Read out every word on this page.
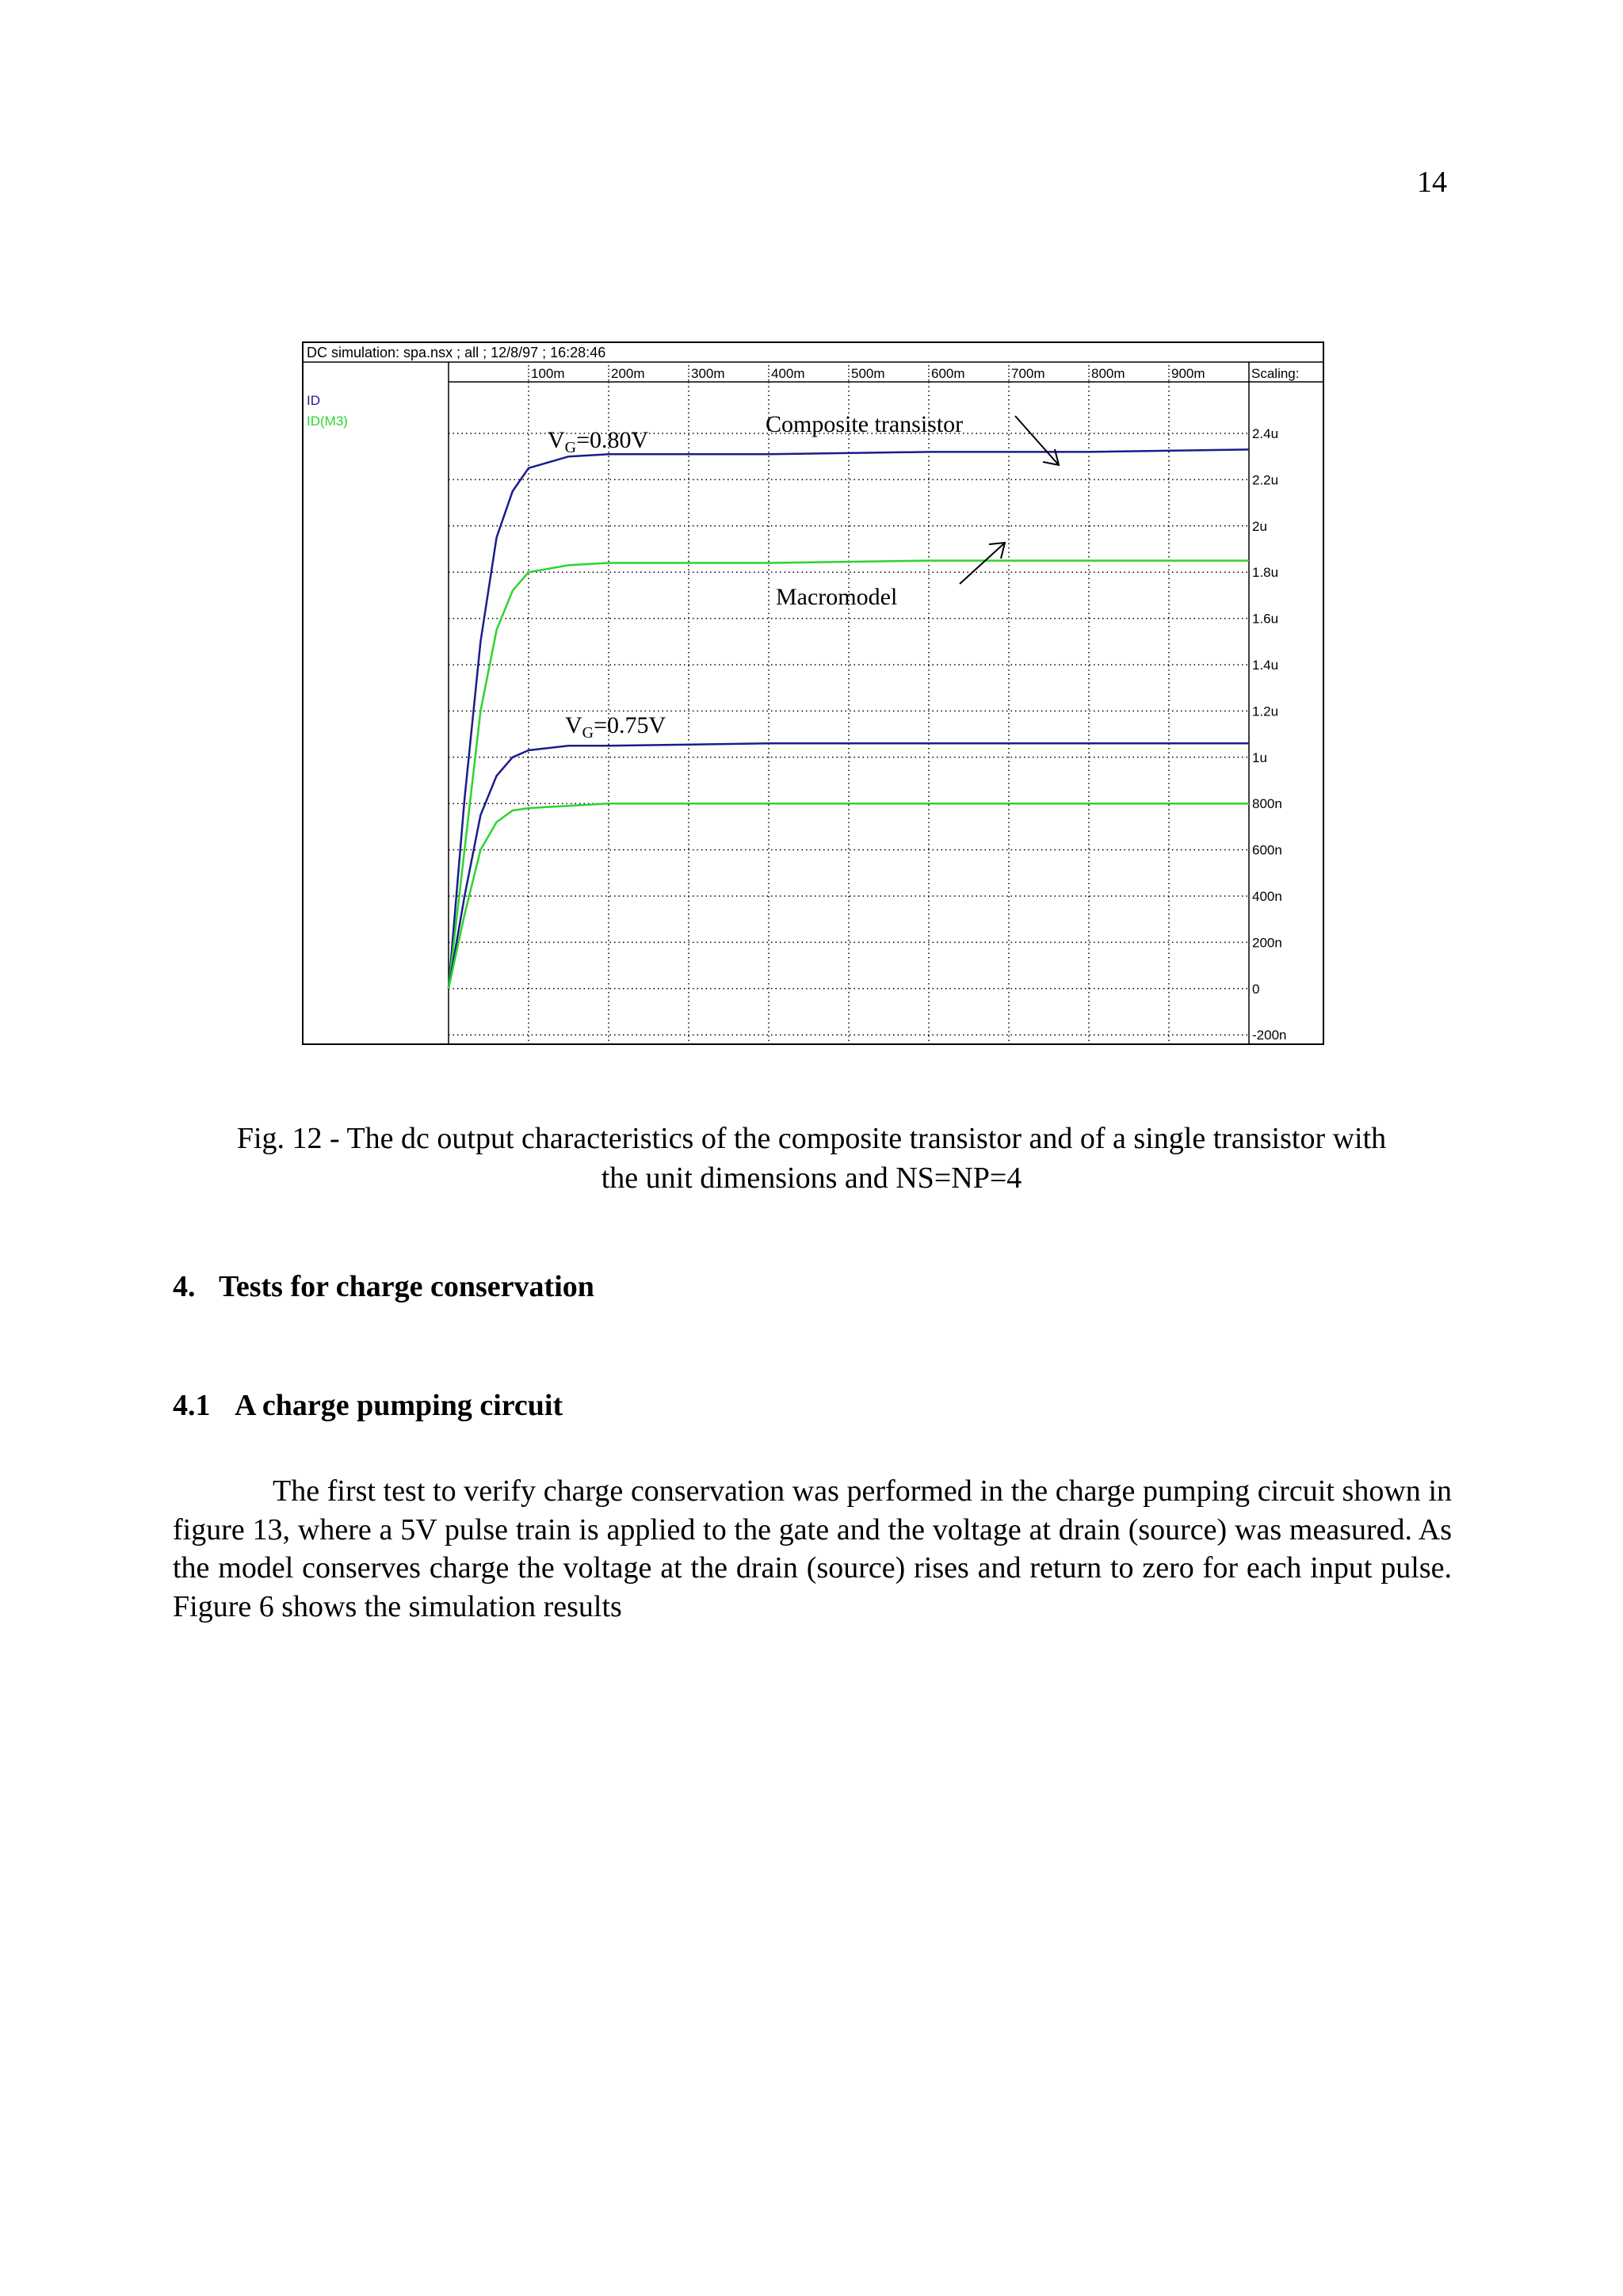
14
DC simulation: spa.nsx ; all ; 12/8/97 ; 16:28:46
Scaling:
ID
ID(M3)
100m	200m	300m	400m	500m	600m	700m	800m	900m
2.4u
2.2u
2u
1.8u
1.6u
1.4u
1.2u
1u
800n
600n
400n
200n
0
-200n
$V_G=0.80V$
$V_G=0.75V$
Composite transistor
Macromodel
Fig. 12 - The dc output characteristics of the composite transistor and of a single transistor with
the unit dimensions and NS=NP=4
4. Tests for charge conservation
4.1 A charge pumping circuit
The first test to verify charge conservation was performed in the charge pumping circuit shown in figure 13, where a 5V pulse train is applied to the gate and the voltage at drain (source) was measured. As the model conserves charge the voltage at the drain (source) rises and return to zero for each input pulse. Figure 6 shows the simulation results
